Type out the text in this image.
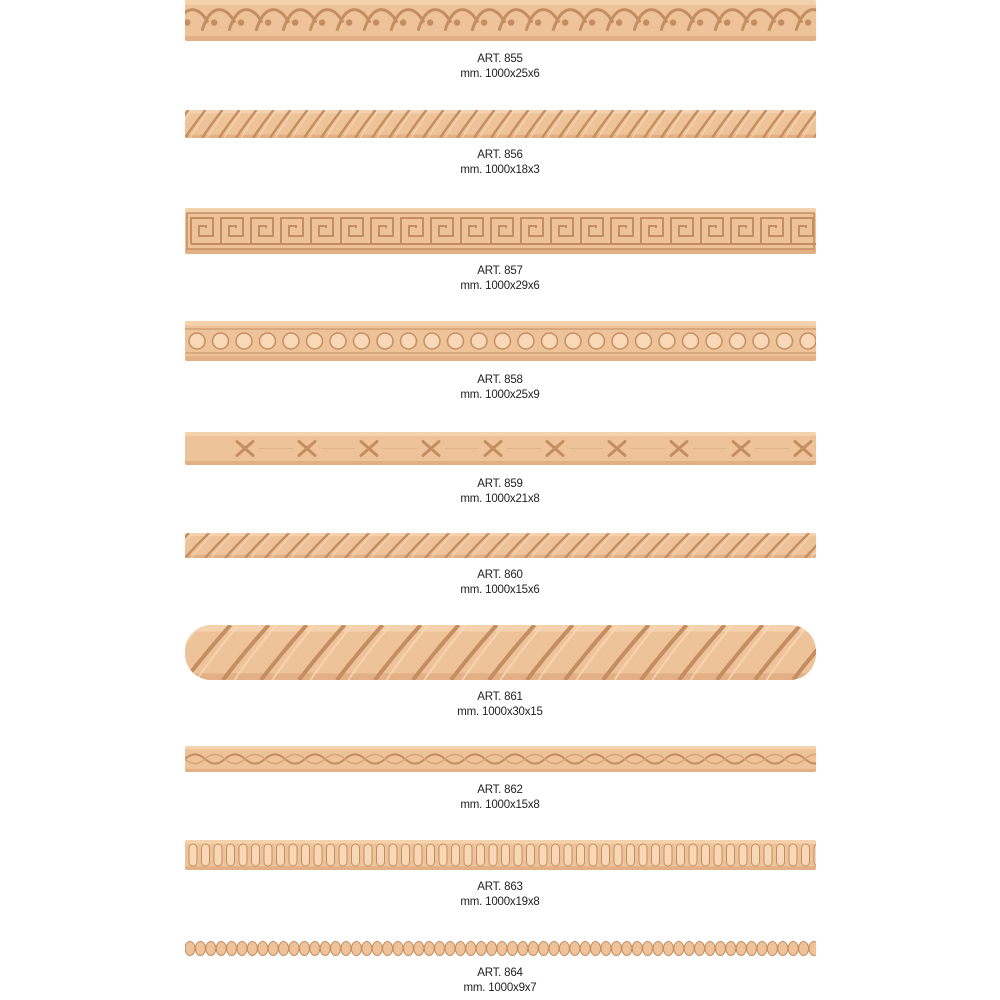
ART. 855
mm. 1000x25x6
ART. 856
mm. 1000x18x3
ART. 857
mm. 1000x29x6
ART. 858
mm. 1000x25x9
ART. 859
mm. 1000x21x8
ART. 860
mm. 1000x15x6
ART. 861
mm. 1000x30x15
ART. 862
mm. 1000x15x8
ART. 863
mm. 1000x19x8
ART. 864
mm. 1000x9x7
